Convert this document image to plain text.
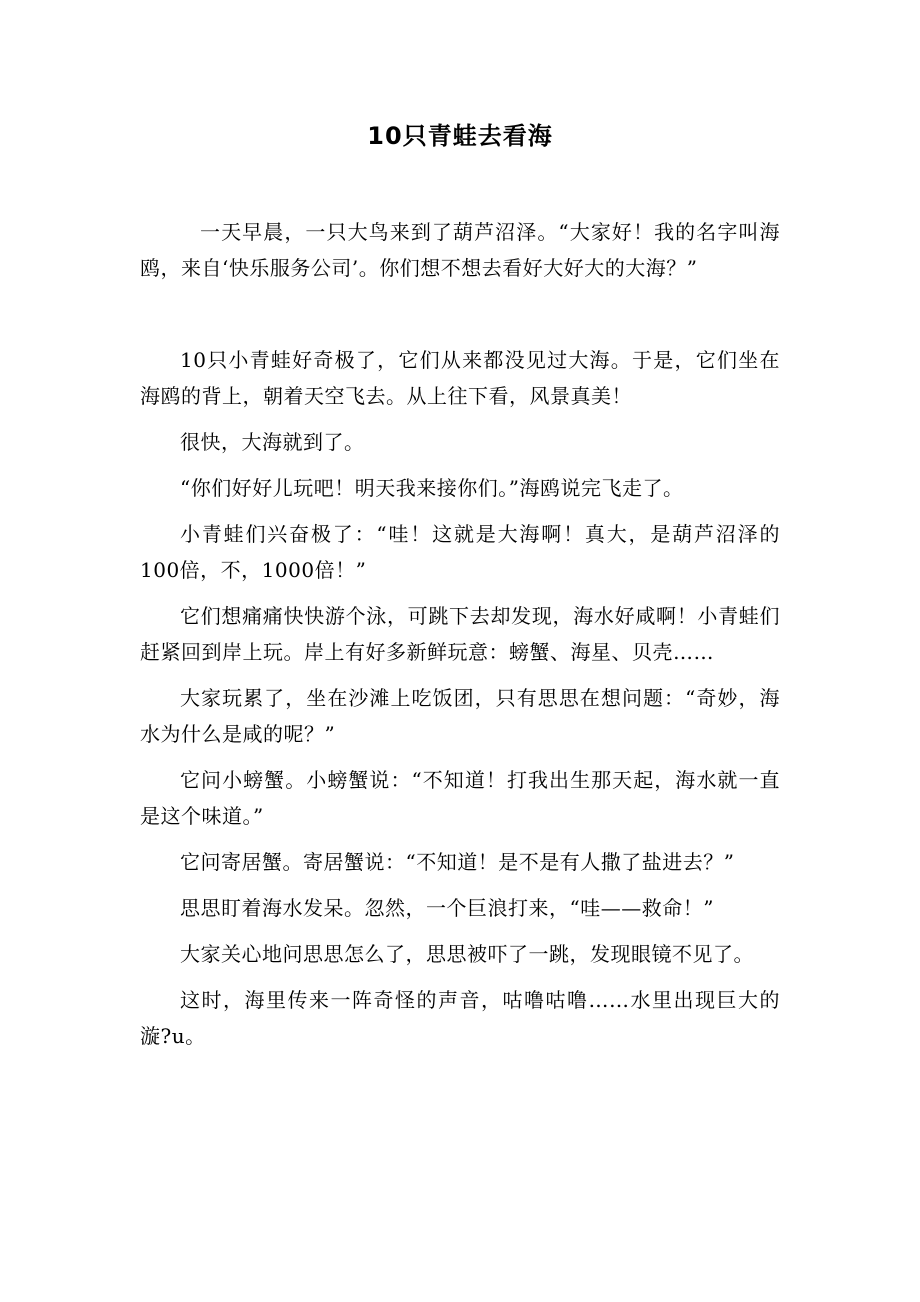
10只青蛙去看海

一天早晨，一只大鸟来到了葫芦沼泽。“大家好！我的名字叫海鸥，来自‘快乐服务公司’。你们想不想去看好大好大的大海？”

10只小青蛙好奇极了，它们从来都没见过大海。于是，它们坐在海鸥的背上，朝着天空飞去。从上往下看，风景真美！

很快，大海就到了。

“你们好好儿玩吧！明天我来接你们。”海鸥说完飞走了。

小青蛙们兴奋极了：“哇！这就是大海啊！真大，是葫芦沼泽的100倍，不，1000倍！”

它们想痛痛快快游个泳，可跳下去却发现，海水好咸啊！小青蛙们赶紧回到岸上玩。岸上有好多新鲜玩意：螃蟹、海星、贝壳……

大家玩累了，坐在沙滩上吃饭团，只有思思在想问题：“奇妙，海水为什么是咸的呢？”

它问小螃蟹。小螃蟹说：“不知道！打我出生那天起，海水就一直是这个味道。”

它问寄居蟹。寄居蟹说：“不知道！是不是有人撒了盐进去？”

思思盯着海水发呆。忽然，一个巨浪打来，“哇——救命！”

大家关心地问思思怎么了，思思被吓了一跳，发现眼镜不见了。

这时，海里传来一阵奇怪的声音，咕噜咕噜……水里出现巨大的漩?u。
